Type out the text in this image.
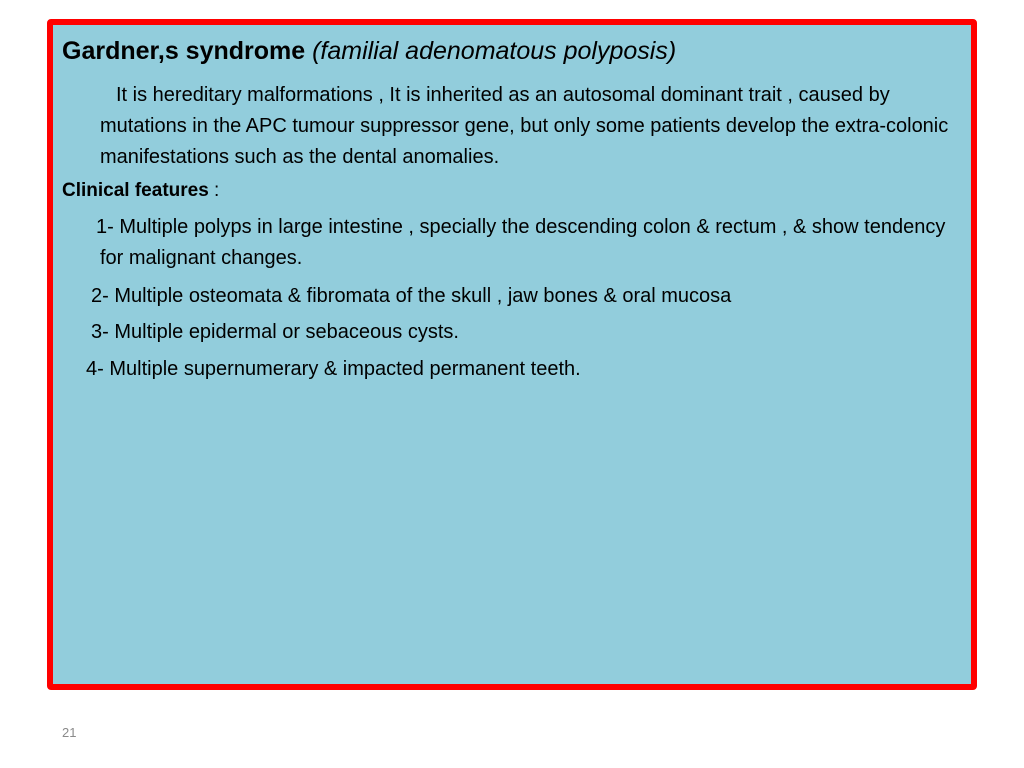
Gardner,s syndrome (familial adenomatous polyposis)
It is hereditary malformations , It is inherited as an autosomal dominant trait , caused by mutations in the APC tumour suppressor gene, but only some patients develop the extra-colonic manifestations such as the dental anomalies.
Clinical features :
1- Multiple polyps in large intestine , specially the descending colon & rectum , & show tendency for malignant changes.
2- Multiple osteomata & fibromata of the skull , jaw bones & oral mucosa
3- Multiple epidermal or sebaceous cysts.
4- Multiple supernumerary & impacted permanent teeth.
21
